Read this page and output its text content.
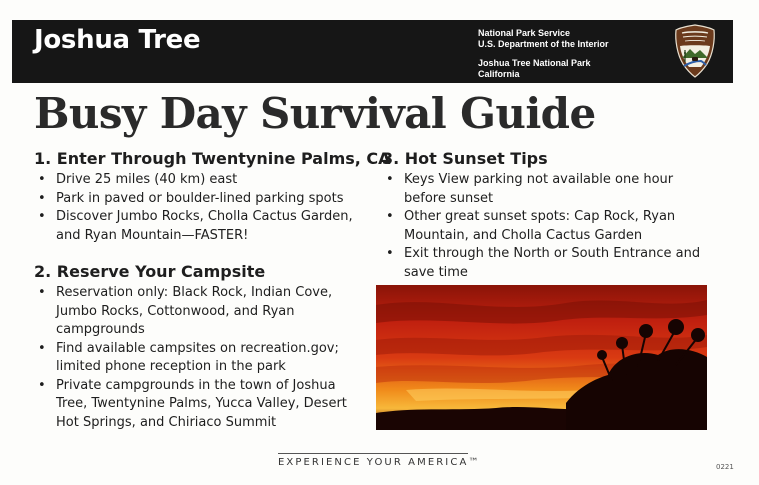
Joshua Tree	National Park Service
U.S. Department of the Interior
Joshua Tree National Park
California
Busy Day Survival Guide
1. Enter Through Twentynine Palms, CA
• Drive 25 miles (40 km) east
• Park in paved or boulder-lined parking spots
• Discover Jumbo Rocks, Cholla Cactus Garden, and Ryan Mountain—FASTER!
2. Reserve Your Campsite
• Reservation only: Black Rock, Indian Cove, Jumbo Rocks, Cottonwood, and Ryan campgrounds
• Find available campsites on recreation.gov; limited phone reception in the park
• Private campgrounds in the town of Joshua Tree, Twentynine Palms, Yucca Valley, Desert Hot Springs, and Chiriaco Summit
3. Hot Sunset Tips
• Keys View parking not available one hour before sunset
• Other great sunset spots: Cap Rock, Ryan Mountain, and Cholla Cactus Garden
• Exit through the North or South Entrance and save time
EXPERIENCE YOUR AMERICA™	0221
